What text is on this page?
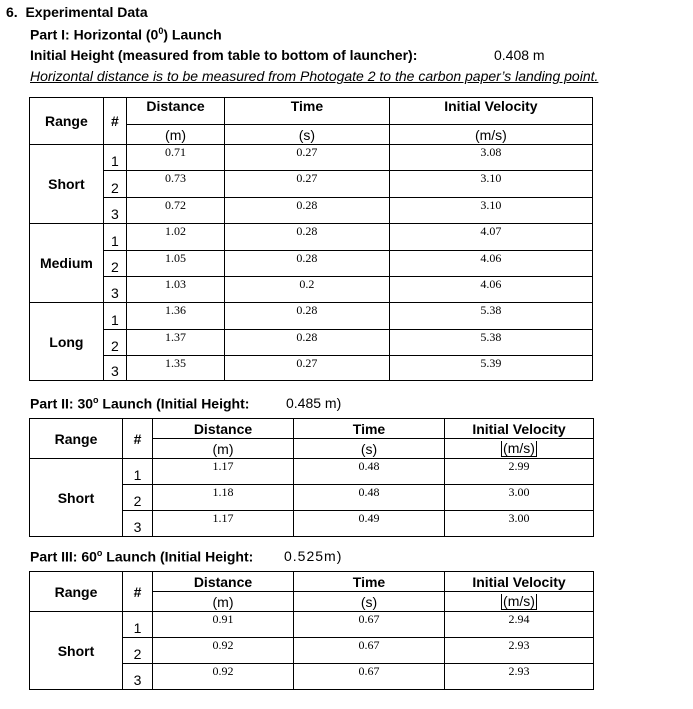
6. Experimental Data
Part I: Horizontal $(0^0)$ Launch
Initial Height (measured from table to bottom of launcher):	0.408 m
Horizontal distance is to be measured from Photogate 2 to the carbon paper’s landing point.
Range	#	Distance	Time	Initial Velocity
		(m)	(s)	(m/s)
Short	1	0.71	0.27	3.08
	2	0.73	0.27	3.10
	3	0.72	0.28	3.10
Medium	1	1.02	0.28	4.07
	2	1.05	0.28	4.06
	3	1.03	0.2	4.06
Long	1	1.36	0.28	5.38
	2	1.37	0.28	5.38
	3	1.35	0.27	5.39
Part II: 30$^o$ Launch (Initial Height:	0.485 m)
Range	#	Distance	Time	Initial Velocity
		(m)	(s)	(m/s)
Short	1	1.17	0.48	2.99
	2	1.18	0.48	3.00
	3	1.17	0.49	3.00
Part III: 60$^o$ Launch (Initial Height: 0.525m)
Range	#	Distance	Time	Initial Velocity
		(m)	(s)	(m/s)
Short	1	0.91	0.67	2.94
	2	0.92	0.67	2.93
	3	0.92	0.67	2.93
